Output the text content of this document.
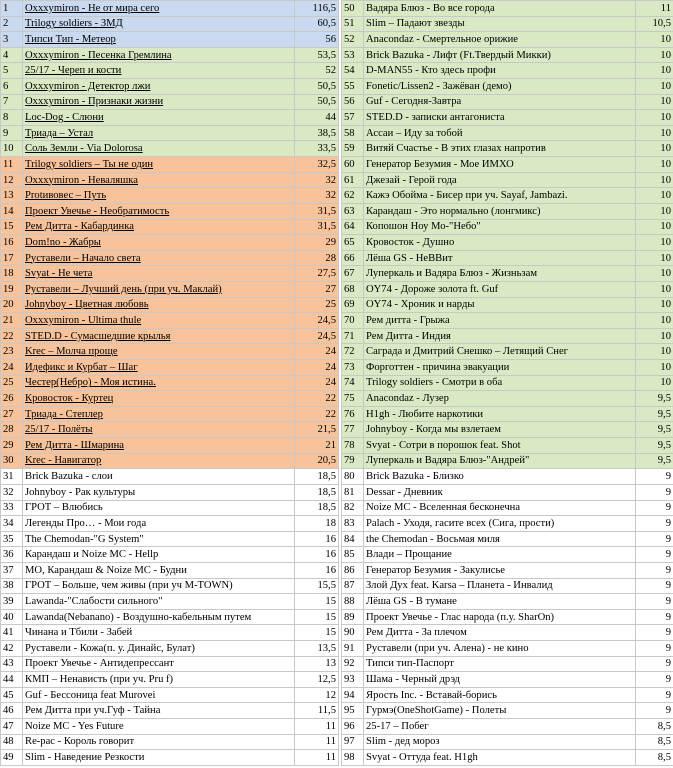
1	Oxxxymiron - Не от мира сего	116,5
2	Trilogy soldiers - ЗМД	60,5
3	Типси Тип - Метеор	56
4	Oxxxymiron - Песенка Гремлина	53,5
5	25/17 - Череп и кости	52
6	Oxxxymiron - Детектор лжи	50,5
7	Oxxxymiron - Признаки жизни	50,5
8	Loc-Dog - Слюни	44
9	Триада – Устал	38,5
10	Соль Земли - Via Dolorosa	33,5
11	Trilogy soldiers – Ты не один	32,5
12	Oxxxymiron - Неваляшка	32
13	Protивовес – Путь	32
14	Проект Увечье - Необратимость	31,5
15	Рем Дитта - Кабардинка	31,5
16	Dom!no - Жабры	29
17	Руставели – Начало света	28
18	Svyat - Не чета	27,5
19	Руставели – Лучший день (при уч. Маклай)	27
20	Johnyboy - Цветная любовь	25
21	Oxxxymiron - Ultima thule	24,5
22	STED.D - Сумасшедшие крылья	24,5
23	Krec – Молча проще	24
24	Идефикс и Курбат – Шаг	24
25	Честер(Небро) - Моя истина.	24
26	Кровосток - Куртец	22
27	Триада - Степлер	22
28	25/17 - Полёты	21,5
29	Рем Дитта - Шмарина	21
30	Krec - Навигатор	20,5
31	Brick Bazuka - слои	18,5
32	Johnyboy - Рак культуры	18,5
33	ГРОТ – Влюбись	18,5
34	Легенды Про… - Мои года	18
35	The Chemodan-"G System"	16
36	Карандаш и Noize MC - Hellp	16
37	MO, Карандаш & Noize MC - Будни	16
38	ГРОТ – Больше, чем живы (при уч М-TOWN)	15,5
39	Lawanda-"Слабости сильного"	15
40	Lawanda(Nebanano) - Воздушно-кабельным путем	15
41	Чинана и Тбили - Забей	15
42	Руставели - Кожа(п. у. Динайс, Булат)	13,5
43	Проект Увечье - Антидепрессант	13
44	КМП – Ненависть (при уч. Pru f)	12,5
45	Guf - Бессоница feat Murovei	12
46	Рем Дитта при уч.Гуф - Тайна	11,5
47	Noize MC - Yes Future	11
48	Re-pac - Король говорит	11
49	Slim - Наведение Резкости	11
50	Вадяра Блюз - Во все города	11
51	Slim – Падают звезды	10,5
52	Anacondaz - Смертельное орижие	10
53	Brick Bazuka - Лифт (Ft.Твердый Микки)	10
54	D-MAN55 - Кто здесь профи	10
55	Fonetic/Lissen2 - Зажёван (демо)	10
56	Guf - Сегодня-Завтра	10
57	STED.D - записки антагониста	10
58	Ассаи – Иду за тобой	10
59	Витяй Счастье - В этих глазах напротив	10
60	Генератор Безумия - Мое ИМХО	10
61	Джезай - Герой года	10
62	Кажэ Обойма - Бисер при уч. Sayaf, Jambazi.	10
63	Карандаш - Это нормально (лонгмикс)	10
64	Копошон Ноу Мо-"Небо"	10
65	Кровосток - Душно	10
66	Лёша GS - НеВВит	10
67	Луперкаль и Вадяра Блюз - Жизньзам	10
68	OY74 - Дороже золота ft. Guf	10
69	OY74 - Хроник и нарды	10
70	Рем дитта - Грыжа	10
71	Рем Дитта - Индия	10
72	Саграда и Дмитрий Снешко – Летящий Снег	10
73	Форготтен - причина эвакуации	10
74	Trilogy soldiers - Смотри в оба	10
75	Anacondaz - Лузер	9,5
76	H1gh - Любите наркотики	9,5
77	Johnyboy - Когда мы взлетаем	9,5
78	Svyat - Сотри в порошок feat. Shot	9,5
79	Луперкаль и Вадяра Блюз-"Андрей"	9,5
80	Brick Bazuka - Близко	9
81	Dessar - Дневник	9
82	Noize MC - Вселенная бесконечна	9
83	Palach - Уходя, гасите всех (Сига, прости)	9
84	the Chemodan - Восьмая миля	9
85	Влади – Прощание	9
86	Генератор Безумия - Закулисье	9
87	Злой Дух feat. Karsa – Планета - Инвалид	9
88	Лёша GS - В тумане	9
89	Проект Увечье - Глас народа (п.у. SharOn)	9
90	Рем Дитта - За плечом	9
91	Руставели (при уч. Алена) - не кино	9
92	Типси тип-Паспорт	9
93	Шама - Черный дрэд	9
94	Ярость Inc. - Вставай-борись	9
95	Гурмэ(OneShotGame) - Полеты	9
96	25-17 – Побег	8,5
97	Slim - дед мороз	8,5
98	Svyat - Оттуда feat. H1gh	8,5
